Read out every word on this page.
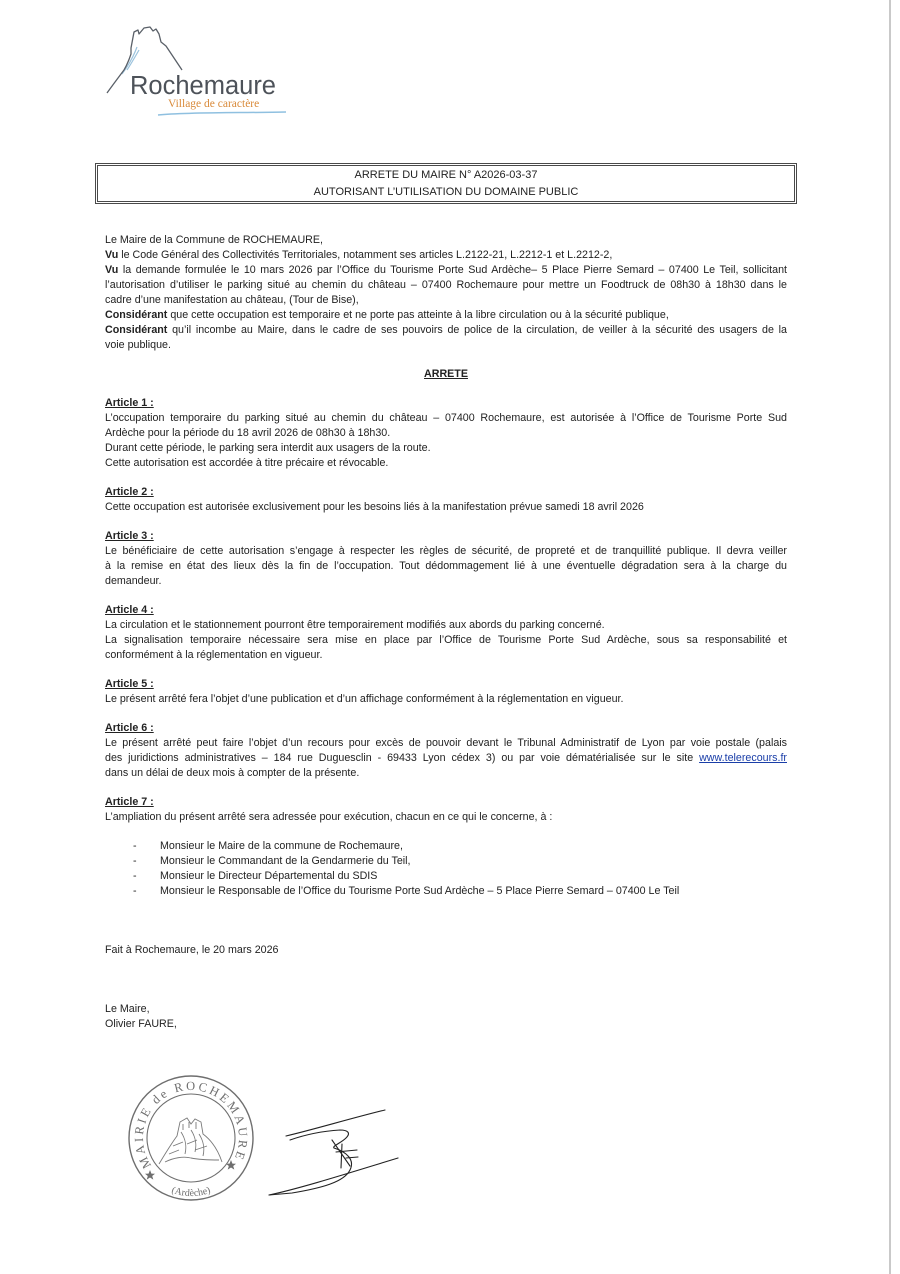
Rochemaure
Village de caractère
ARRETE DU MAIRE N° A2026-03-37
AUTORISANT L’UTILISATION DU DOMAINE PUBLIC
Le Maire de la Commune de ROCHEMAURE,
Vu le Code Général des Collectivités Territoriales, notamment ses articles L.2122-21, L.2212-1 et L.2212-2,
Vu la demande formulée le 10 mars 2026 par l’Office du Tourisme Porte Sud Ardèche– 5 Place Pierre Semard – 07400 Le Teil, sollicitant
l’autorisation d’utiliser le parking situé au chemin du château – 07400 Rochemaure pour mettre un Foodtruck de 08h30 à 18h30 dans le
cadre d’une manifestation au château, (Tour de Bise),
Considérant que cette occupation est temporaire et ne porte pas atteinte à la libre circulation ou à la sécurité publique,
Considérant qu’il incombe au Maire, dans le cadre de ses pouvoirs de police de la circulation, de veiller à la sécurité des usagers de la
voie publique.
ARRETE
Article 1 :
L’occupation temporaire du parking situé au chemin du château – 07400 Rochemaure, est autorisée à l’Office de Tourisme Porte Sud
Ardèche pour la période du 18 avril 2026 de 08h30 à 18h30.
Durant cette période, le parking sera interdit aux usagers de la route.
Cette autorisation est accordée à titre précaire et révocable.
Article 2 :
Cette occupation est autorisée exclusivement pour les besoins liés à la manifestation prévue samedi 18 avril 2026
Article 3 :
Le bénéficiaire de cette autorisation s’engage à respecter les règles de sécurité, de propreté et de tranquillité publique. Il devra veiller
à la remise en état des lieux dès la fin de l’occupation. Tout dédommagement lié à une éventuelle dégradation sera à la charge du
demandeur.
Article 4 :
La circulation et le stationnement pourront être temporairement modifiés aux abords du parking concerné.
La signalisation temporaire nécessaire sera mise en place par l’Office de Tourisme Porte Sud Ardèche, sous sa responsabilité et
conformément à la réglementation en vigueur.
Article 5 :
Le présent arrêté fera l’objet d’une publication et d’un affichage conformément à la réglementation en vigueur.
Article 6 :
Le présent arrêté peut faire l’objet d’un recours pour excès de pouvoir devant le Tribunal Administratif de Lyon par voie postale (palais
des juridictions administratives – 184 rue Duguesclin - 69433 Lyon cédex 3) ou par voie dématérialisée sur le site www.telerecours.fr
dans un délai de deux mois à compter de la présente.
Article 7 :
L’ampliation du présent arrêté sera adressée pour exécution, chacun en ce qui le concerne, à :
- Monsieur le Maire de la commune de Rochemaure,
- Monsieur le Commandant de la Gendarmerie du Teil,
- Monsieur le Directeur Départemental du SDIS
- Monsieur le Responsable de l’Office du Tourisme Porte Sud Ardèche – 5 Place Pierre Semard – 07400 Le Teil
Fait à Rochemaure, le 20 mars 2026
Le Maire,
Olivier FAURE,
MAIRIE de ROCHEMAURE
(Ardèche)
